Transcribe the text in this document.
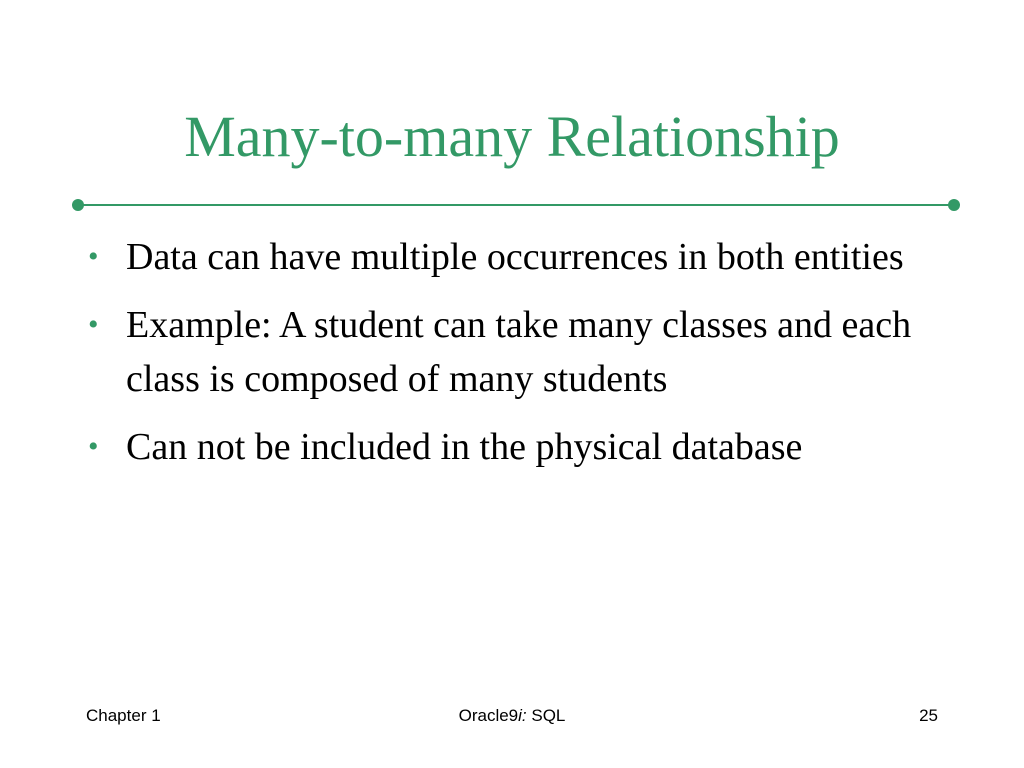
Many-to-many Relationship
• Data can have multiple occurrences in both entities
• Example: A student can take many classes and each class is composed of many students
• Can not be included in the physical database
Chapter 1	Oracle9i: SQL	25
